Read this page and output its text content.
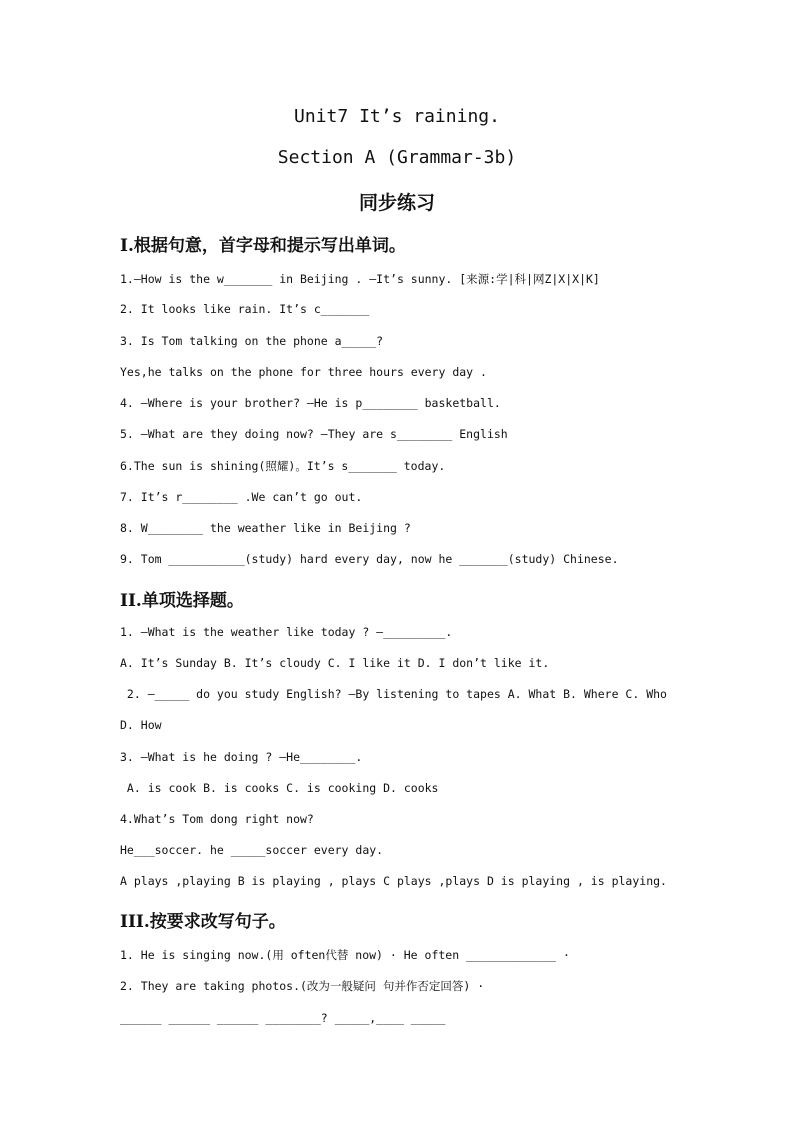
Unit7 It’s raining.
Section A (Grammar-3b)
同步练习
I.根据句意，首字母和提示写出单词。
1.—How is the w_______ in Beijing . —It’s sunny. [来源:学|科|网Z|X|X|K]
2. It looks like rain. It’s c_______
3. Is Tom talking on the phone a_____?
Yes,he talks on the phone for three hours every day .
4. —Where is your brother? —He is p________ basketball.
5. —What are they doing now? —They are s________ English
6.The sun is shining(照耀)。It’s s_______ today.
7. It’s r________ .We can’t go out.
8. W________ the weather like in Beijing ?
9. Tom ___________(study) hard every day, now he _______(study) Chinese.
II.单项选择题。
1. —What is the weather like today ? —_________.
A. It’s Sunday B. It’s cloudy C. I like it D. I don’t like it.
2. —_____ do you study English? —By listening to tapes A. What B. Where C. Who
D. How
3. —What is he doing ? —He________.
A. is cook B. is cooks C. is cooking D. cooks
4.What’s Tom dong right now?
He___soccer. he _____soccer every day.
A plays ,playing B is playing , plays C plays ,plays D is playing , is playing.
III.按要求改写句子。
1. He is singing now.(用 often代替 now) · He often _____________ ·
2. They are taking photos.(改为一般疑问 句并作否定回答) ·
______ ______ ______ ________? _____,____ _____
